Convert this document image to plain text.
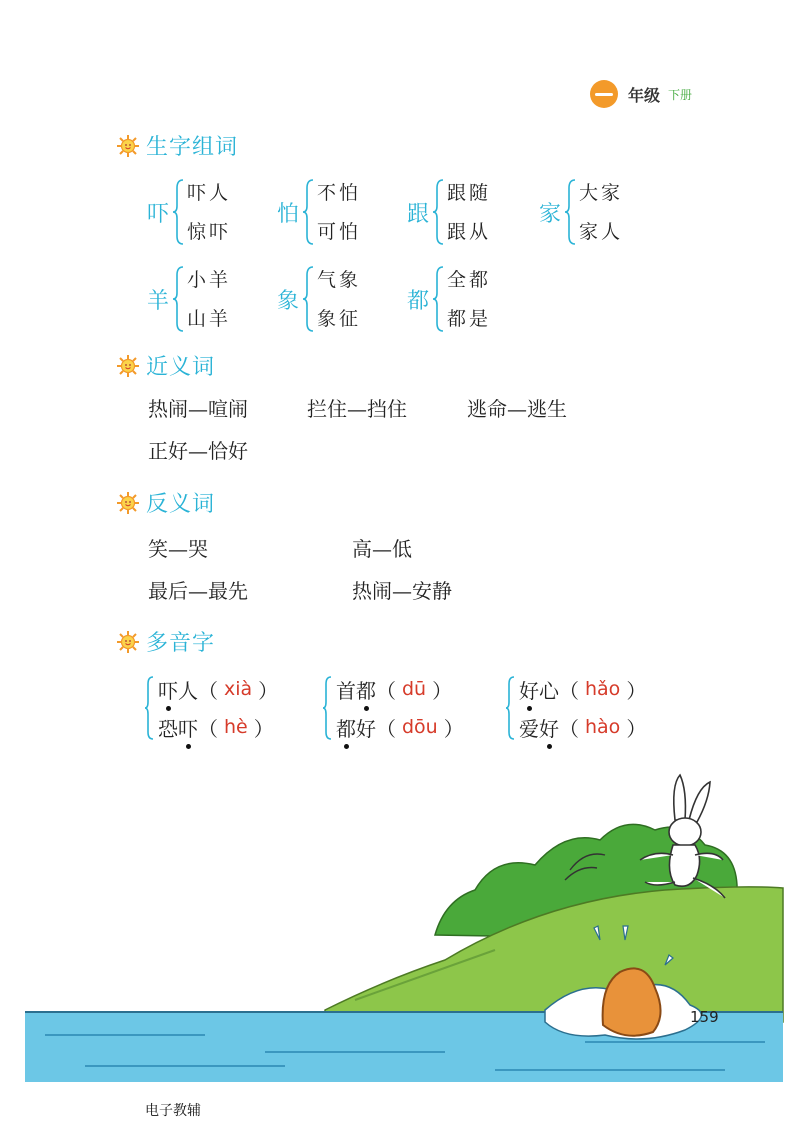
年级 下册
生字组词
吓
吓人
惊吓
怕
不怕
可怕
跟
跟随
跟从
家
大家
家人
羊
小羊
山羊
象
气象
象征
都
全都
都是
近义词
热闹—喧闹	拦住—挡住	逃命—逃生
正好—恰好
反义词
笑—哭	高—低
最后—最先	热闹—安静
多音字
吓 人 （ xià ）
恐 吓 （ hè ）
首 都 （ dū ）
都 好 （ dōu ）
好 心 （ hǎo ）
爱 好 （ hào ）
159
电子教辅
